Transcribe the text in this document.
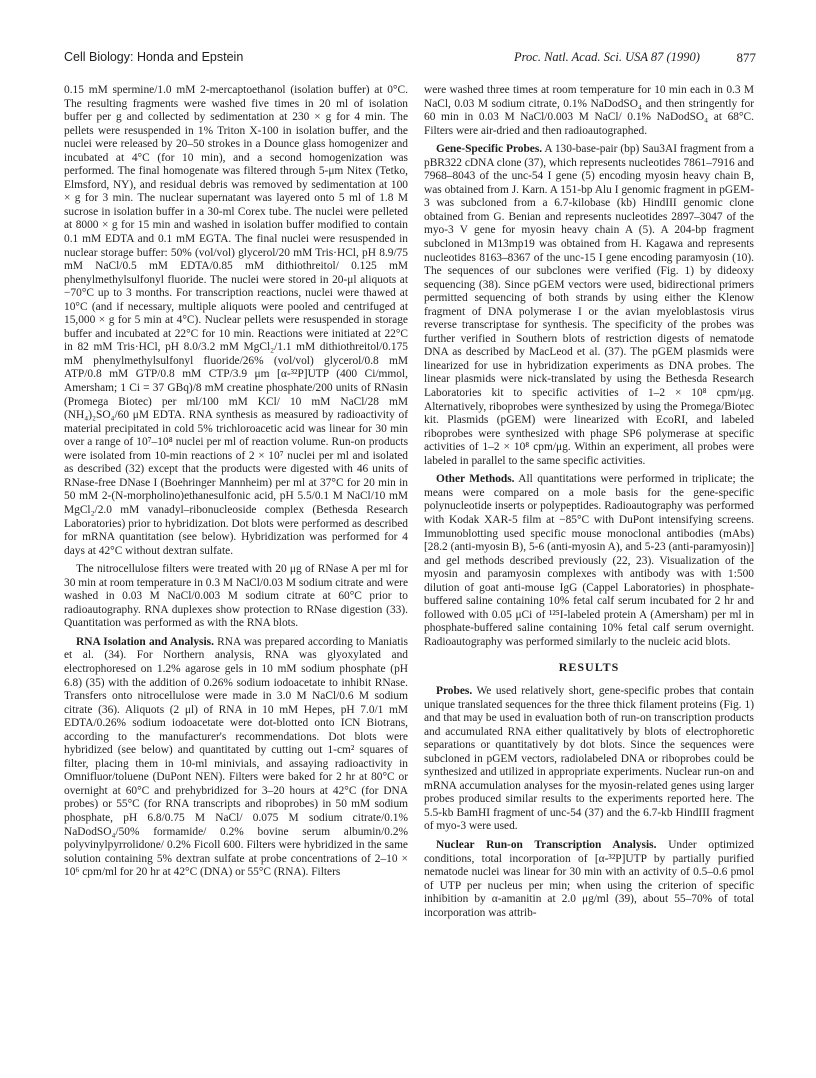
Cell Biology: Honda and Epstein	Proc. Natl. Acad. Sci. USA 87 (1990)	877

0.15 mM spermine/1.0 mM 2-mercaptoethanol (isolation buffer) at 0°C. The resulting fragments were washed five times in 20 ml of isolation buffer per g and collected by sedimentation at 230 × g for 4 min. The pellets were resuspended in 1% Triton X-100 in isolation buffer, and the nuclei were released by 20–50 strokes in a Dounce glass homogenizer and incubated at 4°C (for 10 min), and a second homogenization was performed. The final homogenate was filtered through 5-μm Nitex (Tetko, Elmsford, NY), and residual debris was removed by sedimentation at 100 × g for 3 min. The nuclear supernatant was layered onto 5 ml of 1.8 M sucrose in isolation buffer in a 30-ml Corex tube. The nuclei were pelleted at 8000 × g for 15 min and washed in isolation buffer modified to contain 0.1 mM EDTA and 0.1 mM EGTA. The final nuclei were resuspended in nuclear storage buffer: 50% (vol/vol) glycerol/20 mM Tris·HCl, pH 8.9/75 mM NaCl/0.5 mM EDTA/0.85 mM dithiothreitol/ 0.125 mM phenylmethylsulfonyl fluoride. The nuclei were stored in 20-μl aliquots at −70°C up to 3 months. For transcription reactions, nuclei were thawed at 10°C (and if necessary, multiple aliquots were pooled and centrifuged at 15,000 × g for 5 min at 4°C). Nuclear pellets were resuspended in storage buffer and incubated at 22°C for 10 min. Reactions were initiated at 22°C in 82 mM Tris·HCl, pH 8.0/3.2 mM MgCl₂/1.1 mM dithiothreitol/0.175 mM phenylmethylsulfonyl fluoride/26% (vol/vol) glycerol/0.8 mM ATP/0.8 mM GTP/0.8 mM CTP/3.9 μm [α-³²P]UTP (400 Ci/mmol, Amersham; 1 Ci = 37 GBq)/8 mM creatine phosphate/200 units of RNasin (Promega Biotec) per ml/100 mM KCl/ 10 mM NaCl/28 mM (NH₄)₂SO₄/60 μM EDTA. RNA synthesis as measured by radioactivity of material precipitated in cold 5% trichloroacetic acid was linear for 30 min over a range of 10⁷–10⁸ nuclei per ml of reaction volume. Run-on products were isolated from 10-min reactions of 2 × 10⁷ nuclei per ml and isolated as described (32) except that the products were digested with 46 units of RNase-free DNase I (Boehringer Mannheim) per ml at 37°C for 20 min in 50 mM 2-(N-morpholino)ethanesulfonic acid, pH 5.5/0.1 M NaCl/10 mM MgCl₂/2.0 mM vanadyl–ribonucleoside complex (Bethesda Research Laboratories) prior to hybridization. Dot blots were performed as described for mRNA quantitation (see below). Hybridization was performed for 4 days at 42°C without dextran sulfate.

The nitrocellulose filters were treated with 20 μg of RNase A per ml for 30 min at room temperature in 0.3 M NaCl/0.03 M sodium citrate and were washed in 0.03 M NaCl/0.003 M sodium citrate at 60°C prior to radioautography. RNA duplexes show protection to RNase digestion (33). Quantitation was performed as with the RNA blots.

RNA Isolation and Analysis. RNA was prepared according to Maniatis et al. (34). For Northern analysis, RNA was glyoxylated and electrophoresed on 1.2% agarose gels in 10 mM sodium phosphate (pH 6.8) (35) with the addition of 0.26% sodium iodoacetate to inhibit RNase. Transfers onto nitrocellulose were made in 3.0 M NaCl/0.6 M sodium citrate (36). Aliquots (2 μl) of RNA in 10 mM Hepes, pH 7.0/1 mM EDTA/0.26% sodium iodoacetate were dot-blotted onto ICN Biotrans, according to the manufacturer's recommendations. Dot blots were hybridized (see below) and quantitated by cutting out 1-cm² squares of filter, placing them in 10-ml minivials, and assaying radioactivity in Omnifluor/toluene (DuPont NEN). Filters were baked for 2 hr at 80°C or overnight at 60°C and prehybridized for 3–20 hours at 42°C (for DNA probes) or 55°C (for RNA transcripts and riboprobes) in 50 mM sodium phosphate, pH 6.8/0.75 M NaCl/ 0.075 M sodium citrate/0.1% NaDodSO₄/50% formamide/ 0.2% bovine serum albumin/0.2% polyvinylpyrrolidone/ 0.2% Ficoll 600. Filters were hybridized in the same solution containing 5% dextran sulfate at probe concentrations of 2–10 × 10⁶ cpm/ml for 20 hr at 42°C (DNA) or 55°C (RNA). Filters

were washed three times at room temperature for 10 min each in 0.3 M NaCl, 0.03 M sodium citrate, 0.1% NaDodSO₄ and then stringently for 60 min in 0.03 M NaCl/0.003 M NaCl/ 0.1% NaDodSO₄ at 68°C. Filters were air-dried and then radioautographed.

Gene-Specific Probes. A 130-base-pair (bp) Sau3AI fragment from a pBR322 cDNA clone (37), which represents nucleotides 7861–7916 and 7968–8043 of the unc-54 I gene (5) encoding myosin heavy chain B, was obtained from J. Karn. A 151-bp Alu I genomic fragment in pGEM-3 was subcloned from a 6.7-kilobase (kb) HindIII genomic clone obtained from G. Benian and represents nucleotides 2897–3047 of the myo-3 V gene for myosin heavy chain A (5). A 204-bp fragment subcloned in M13mp19 was obtained from H. Kagawa and represents nucleotides 8163–8367 of the unc-15 I gene encoding paramyosin (10). The sequences of our subclones were verified (Fig. 1) by dideoxy sequencing (38). Since pGEM vectors were used, bidirectional primers permitted sequencing of both strands by using either the Klenow fragment of DNA polymerase I or the avian myeloblastosis virus reverse transcriptase for synthesis. The specificity of the probes was further verified in Southern blots of restriction digests of nematode DNA as described by MacLeod et al. (37). The pGEM plasmids were linearized for use in hybridization experiments as DNA probes. The linear plasmids were nick-translated by using the Bethesda Research Laboratories kit to specific activities of 1–2 × 10⁸ cpm/μg. Alternatively, riboprobes were synthesized by using the Promega/Biotec kit. Plasmids (pGEM) were linearized with EcoRI, and labeled riboprobes were synthesized with phage SP6 polymerase at specific activities of 1–2 × 10⁸ cpm/μg. Within an experiment, all probes were labeled in parallel to the same specific activities.

Other Methods. All quantitations were performed in triplicate; the means were compared on a mole basis for the gene-specific polynucleotide inserts or polypeptides. Radioautography was performed with Kodak XAR-5 film at −85°C with DuPont intensifying screens. Immunoblotting used specific mouse monoclonal antibodies (mAbs) [28.2 (anti-myosin B), 5-6 (anti-myosin A), and 5-23 (anti-paramyosin)] and gel methods described previously (22, 23). Visualization of the myosin and paramyosin complexes with antibody was with 1:500 dilution of goat anti-mouse IgG (Cappel Laboratories) in phosphate-buffered saline containing 10% fetal calf serum incubated for 2 hr and followed with 0.05 μCi of ¹²⁵I-labeled protein A (Amersham) per ml in phosphate-buffered saline containing 10% fetal calf serum overnight. Radioautography was performed similarly to the nucleic acid blots.

RESULTS

Probes. We used relatively short, gene-specific probes that contain unique translated sequences for the three thick filament proteins (Fig. 1) and that may be used in evaluation both of run-on transcription products and accumulated RNA either qualitatively by blots of electrophoretic separations or quantitatively by dot blots. Since the sequences were subcloned in pGEM vectors, radiolabeled DNA or riboprobes could be synthesized and utilized in appropriate experiments. Nuclear run-on and mRNA accumulation analyses for the myosin-related genes using larger probes produced similar results to the experiments reported here. The 5.5-kb BamHI fragment of unc-54 (37) and the 6.7-kb HindIII fragment of myo-3 were used.

Nuclear Run-on Transcription Analysis. Under optimized conditions, total incorporation of [α-³²P]UTP by partially purified nematode nuclei was linear for 30 min with an activity of 0.5–0.6 pmol of UTP per nucleus per min; when using the criterion of specific inhibition by α-amanitin at 2.0 μg/ml (39), about 55–70% of total incorporation was attrib-
